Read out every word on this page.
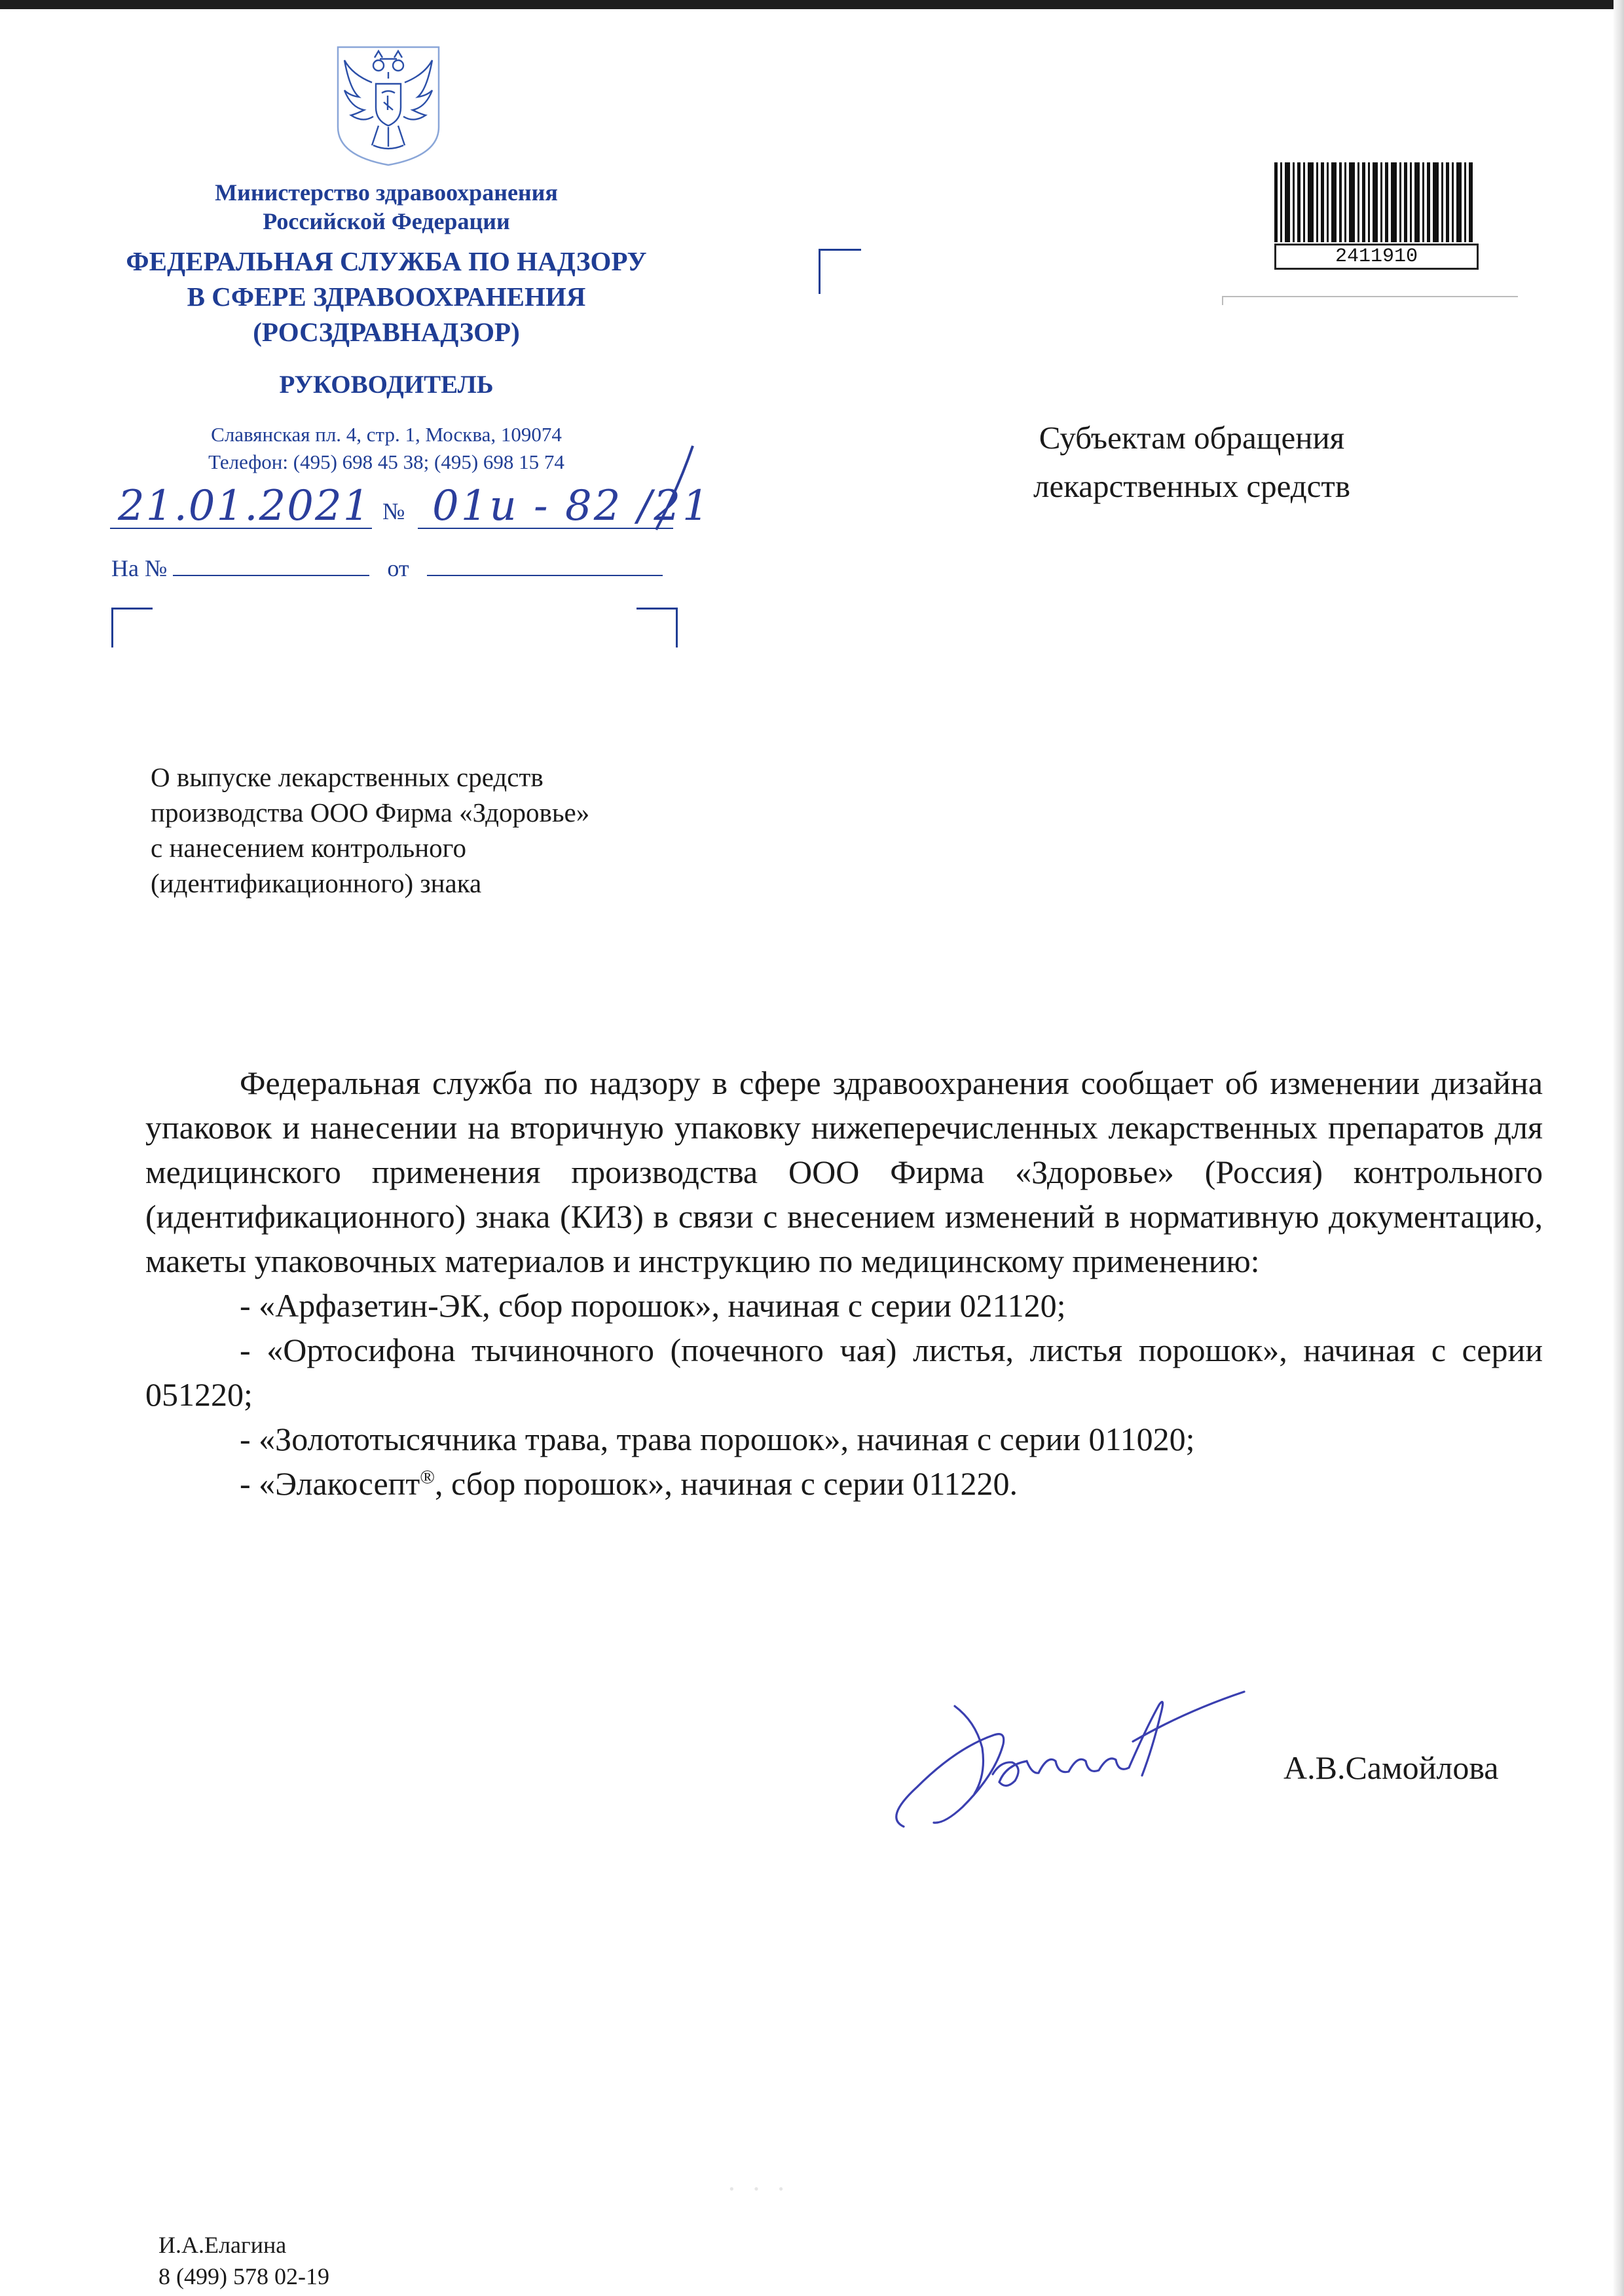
Министерство здравоохранения
Российской Федерации
ФЕДЕРАЛЬНАЯ СЛУЖБА ПО НАДЗОРУ
В СФЕРЕ ЗДРАВООХРАНЕНИЯ
(РОСЗДРАВНАДЗОР)
РУКОВОДИТЕЛЬ
Славянская пл. 4, стр. 1, Москва, 109074
Телефон: (495) 698 45 38; (495) 698 15 74
21.01.2021 № 01и - 82 /21
На №	от
2411910
Субъектам обращения
лекарственных средств
О выпуске лекарственных средств
производства ООО Фирма «Здоровье»
с нанесением контрольного
(идентификационного) знака

Федеральная служба по надзору в сфере здравоохранения сообщает об изменении дизайна упаковок и нанесении на вторичную упаковку нижеперечисленных лекарственных препаратов для медицинского применения производства ООО Фирма «Здоровье» (Россия) контрольного (идентификационного) знака (КИЗ) в связи с внесением изменений в нормативную документацию, макеты упаковочных материалов и инструкцию по медицинскому применению:

- «Арфазетин-ЭК, сбор порошок», начиная с серии 021120;

- «Ортосифона тычиночного (почечного чая) листья, листья порошок», начиная с серии 051220;

- «Золототысячника трава, трава порошок», начиная с серии 011020;

- «Элакосепт®, сбор порошок», начиная с серии 011220.

А.В.Самойлова
· · ·
И.А.Елагина
8 (499) 578 02-19
